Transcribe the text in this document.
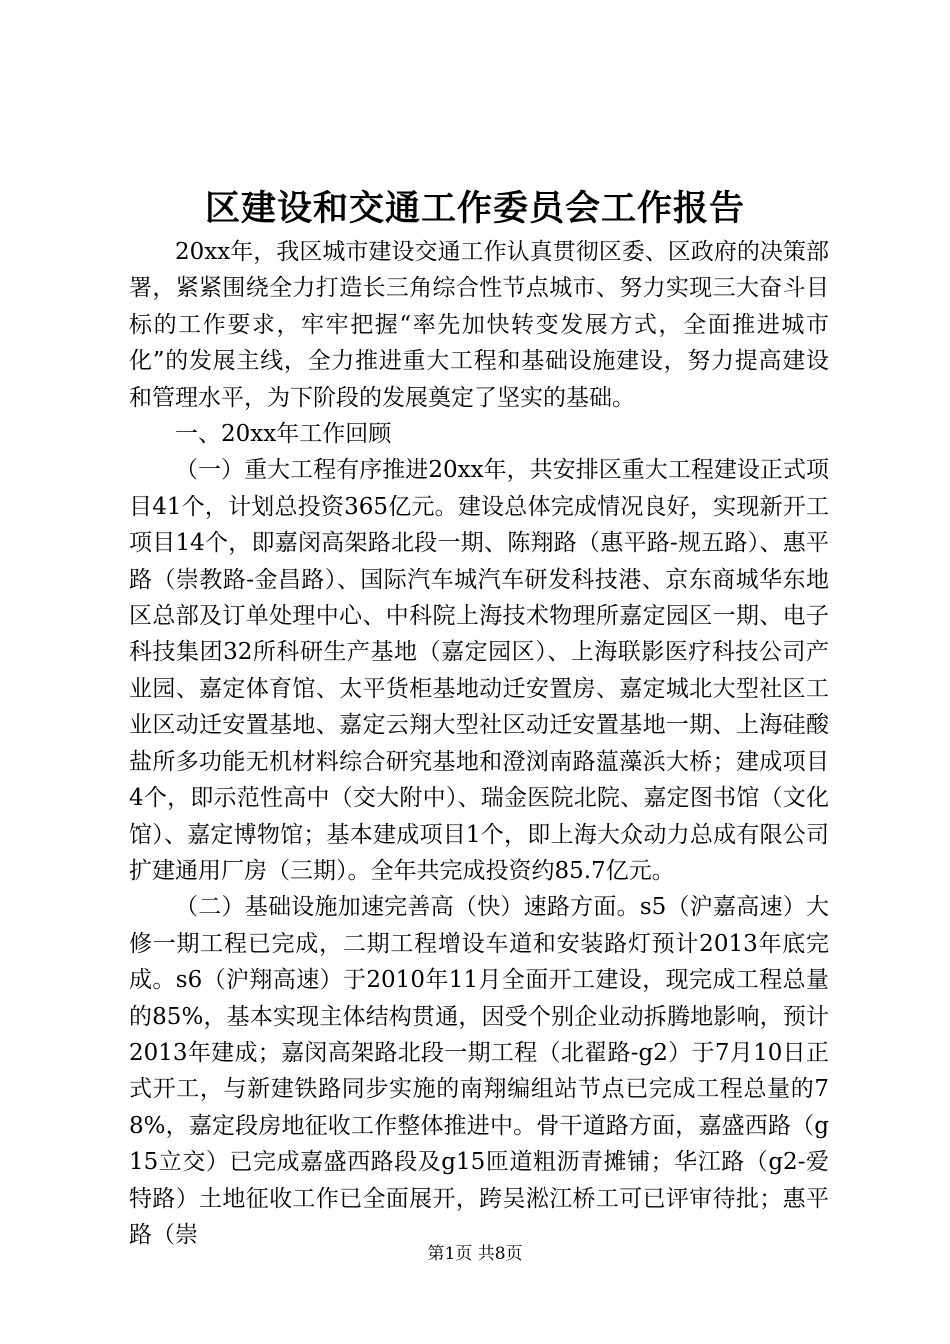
区建设和交通工作委员会工作报告

20xx年，我区城市建设交通工作认真贯彻区委、区政府的决策部署，紧紧围绕全力打造长三角综合性节点城市、努力实现三大奋斗目标的工作要求，牢牢把握“率先加快转变发展方式，全面推进城市化”的发展主线，全力推进重大工程和基础设施建设，努力提高建设和管理水平，为下阶段的发展奠定了坚实的基础。

一、20xx年工作回顾

（一）重大工程有序推进20xx年，共安排区重大工程建设正式项目41个，计划总投资365亿元。建设总体完成情况良好，实现新开工项目14个，即嘉闵高架路北段一期、陈翔路（惠平路-规五路）、惠平路（崇教路-金昌路）、国际汽车城汽车研发科技港、京东商城华东地区总部及订单处理中心、中科院上海技术物理所嘉定园区一期、电子科技集团32所科研生产基地（嘉定园区）、上海联影医疗科技公司产业园、嘉定体育馆、太平货柜基地动迁安置房、嘉定城北大型社区工业区动迁安置基地、嘉定云翔大型社区动迁安置基地一期、上海硅酸盐所多功能无机材料综合研究基地和澄浏南路蕰藻浜大桥；建成项目4个，即示范性高中（交大附中）、瑞金医院北院、嘉定图书馆（文化馆）、嘉定博物馆；基本建成项目1个，即上海大众动力总成有限公司扩建通用厂房（三期）。全年共完成投资约85.7亿元。

（二）基础设施加速完善高（快）速路方面。s5（沪嘉高速）大修一期工程已完成，二期工程增设车道和安装路灯预计2013年底完成。s6（沪翔高速）于2010年11月全面开工建设，现完成工程总量的85%，基本实现主体结构贯通，因受个别企业动拆腾地影响，预计2013年建成；嘉闵高架路北段一期工程（北翟路-g2）于7月10日正式开工，与新建铁路同步实施的南翔编组站节点已完成工程总量的78%，嘉定段房地征收工作整体推进中。骨干道路方面，嘉盛西路（g15立交）已完成嘉盛西路段及g15匝道粗沥青摊铺；华江路（g2-爱特路）土地征收工作已全面展开，跨吴淞江桥工可已评审待批；惠平路（崇

第1页 共8页
